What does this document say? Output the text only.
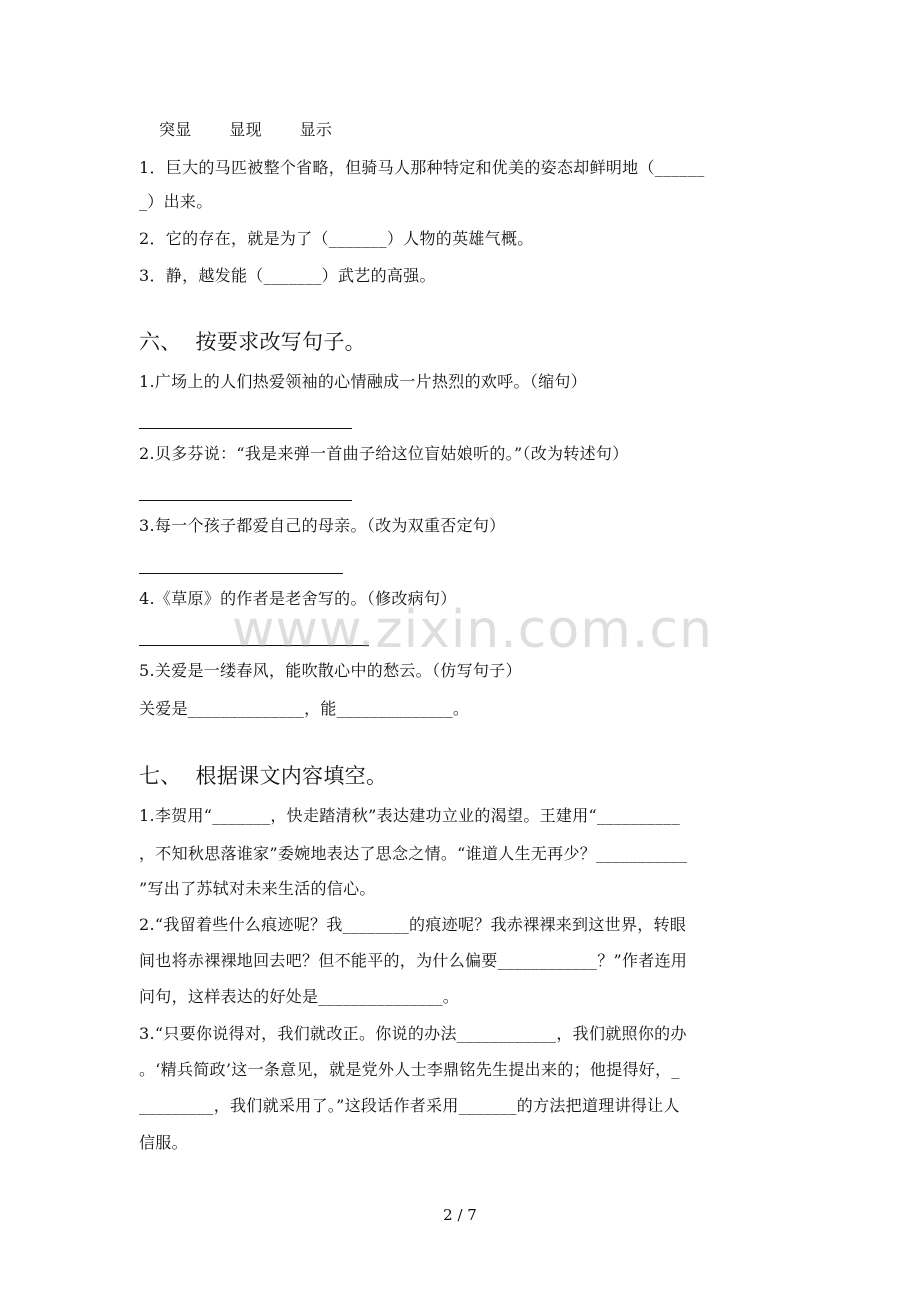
突显       显现       显示
1．巨大的马匹被整个省略，但骑马人那种特定和优美的姿态却鲜明地（______
_）出来。
2．它的存在，就是为了（_______）人物的英雄气概。
3．静，越发能（_______）武艺的高强。
六、  按要求改写句子。
1.广场上的人们热爱领袖的心情融成一片热烈的欢呼。（缩句）
2.贝多芬说：“我是来弹一首曲子给这位盲姑娘听的。”（改为转述句）
3.每一个孩子都爱自己的母亲。（改为双重否定句）
4.《草原》的作者是老舍写的。（修改病句）
5.关爱是一缕春风，能吹散心中的愁云。（仿写句子）
关爱是______________，能______________。
七、  根据课文内容填空。
1.李贺用“_______，快走踏清秋”表达建功立业的渴望。王建用“__________
，不知秋思落谁家”委婉地表达了思念之情。“谁道人生无再少？___________
”写出了苏轼对未来生活的信心。
2.“我留着些什么痕迹呢？我________的痕迹呢？我赤裸裸来到这世界，转眼
间也将赤裸裸地回去吧？但不能平的，为什么偏要____________？”作者连用
问句，这样表达的好处是_______________。
3.“只要你说得对，我们就改正。你说的办法____________，我们就照你的办
。‘精兵简政’这一条意见，就是党外人士李鼎铭先生提出来的；他提得好，_
_________，我们就采用了。”这段话作者采用_______的方法把道理讲得让人
信服。
www.zixin.com.cn
2 / 7
